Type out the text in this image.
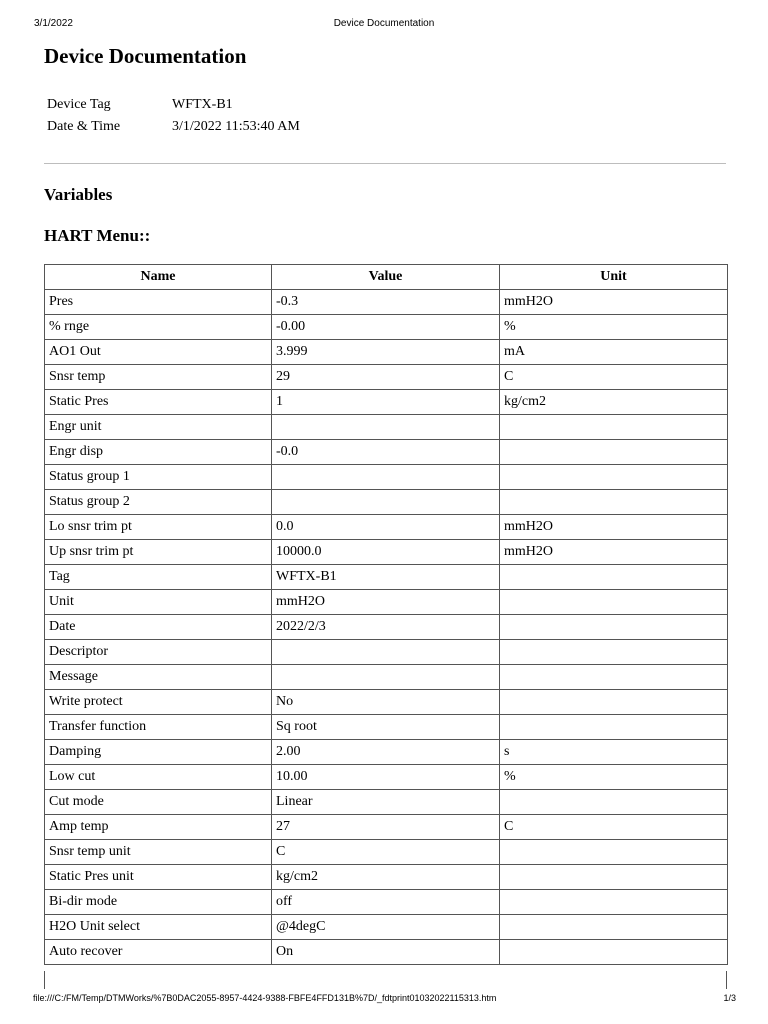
3/1/2022	Device Documentation
Device Documentation
Device Tag	WFTX-B1
Date & Time	3/1/2022 11:53:40 AM
Variables
HART Menu::
Name	Value	Unit
Pres	-0.3	mmH2O
% rnge	-0.00	%
AO1 Out	3.999	mA
Snsr temp	29	C
Static Pres	1	kg/cm2
Engr unit		
Engr disp	-0.0	
Status group 1		
Status group 2		
Lo snsr trim pt	0.0	mmH2O
Up snsr trim pt	10000.0	mmH2O
Tag	WFTX-B1	
Unit	mmH2O	
Date	2022/2/3	
Descriptor		
Message		
Write protect	No	
Transfer function	Sq root	
Damping	2.00	s
Low cut	10.00	%
Cut mode	Linear	
Amp temp	27	C
Snsr temp unit	C	
Static Pres unit	kg/cm2	
Bi-dir mode	off	
H2O Unit select	@4degC	
Auto recover	On	
file:///C:/FM/Temp/DTMWorks/%7B0DAC2055-8957-4424-9388-FBFE4FFD131B%7D/_fdtprint01032022115313.htm	1/3
